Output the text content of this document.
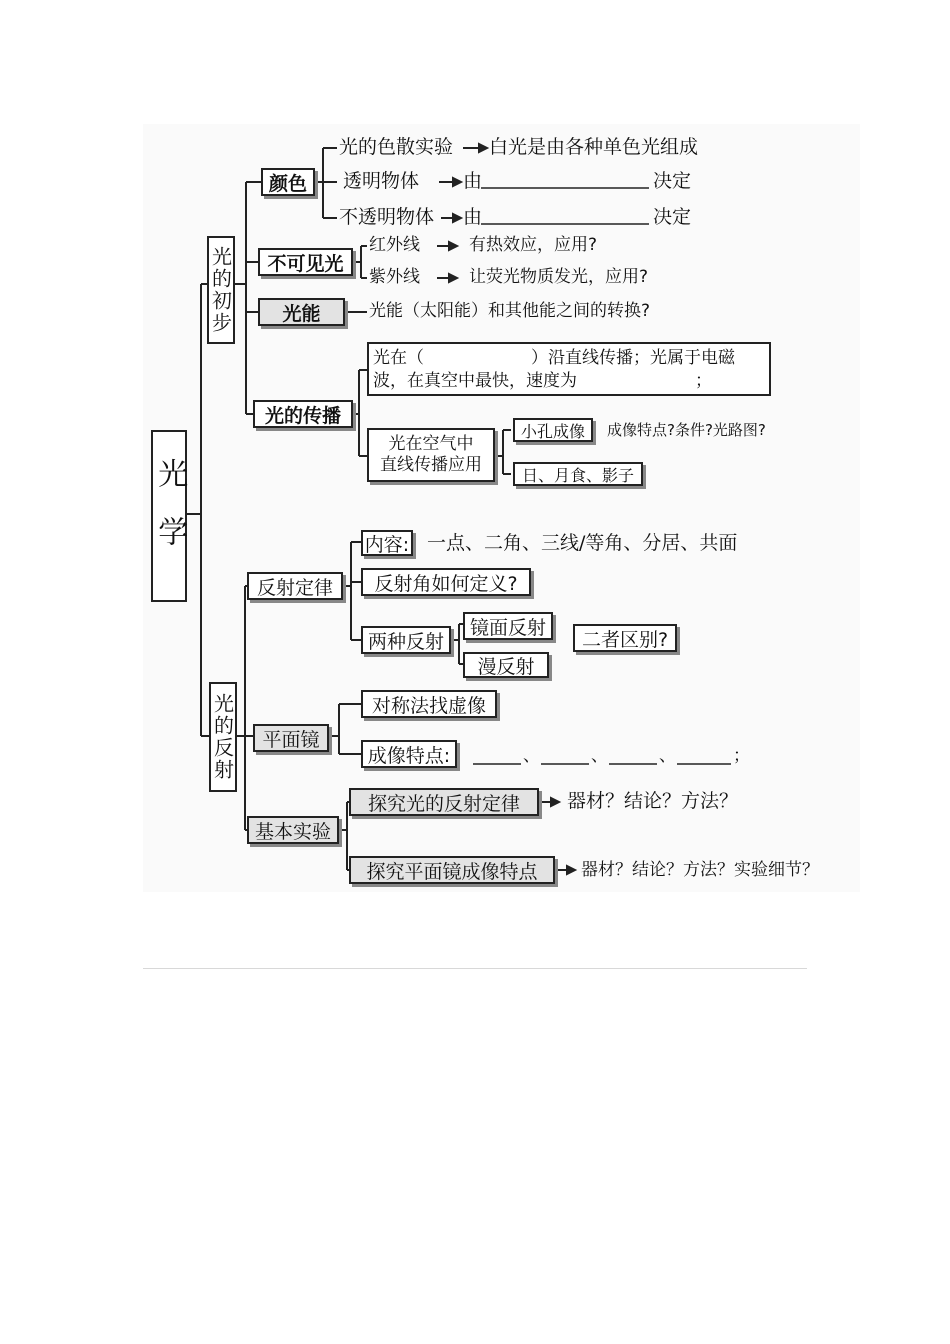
光学
光的初步
颜色
光的色散实验 白光是由各种单色光组成
透明物体 由	决定
不透明物体 由	决定
不可见光
红外线	有热效应，应用?
紫外线	让荧光物质发光，应用?
光能	光能（太阳能）和其他能之间的转换?
光的传播
光在（	）沿直线传播；光属于电磁
波，在真空中最快，速度为	；
光在空气中
直线传播应用
小孔成像 成像特点?条件?光路图?
日、月食、影子
光的反射
反射定律
内容: 一点、二角、三线/等角、分居、共面
反射角如何定义?
两种反射
镜面反射
漫反射
二者区别?
平面镜
对称法找虚像
成像特点:	、	、	、	；
基本实验
探究光的反射定律 器材？结论？方法？
探究平面镜成像特点	器材？结论？方法？实验细节？
